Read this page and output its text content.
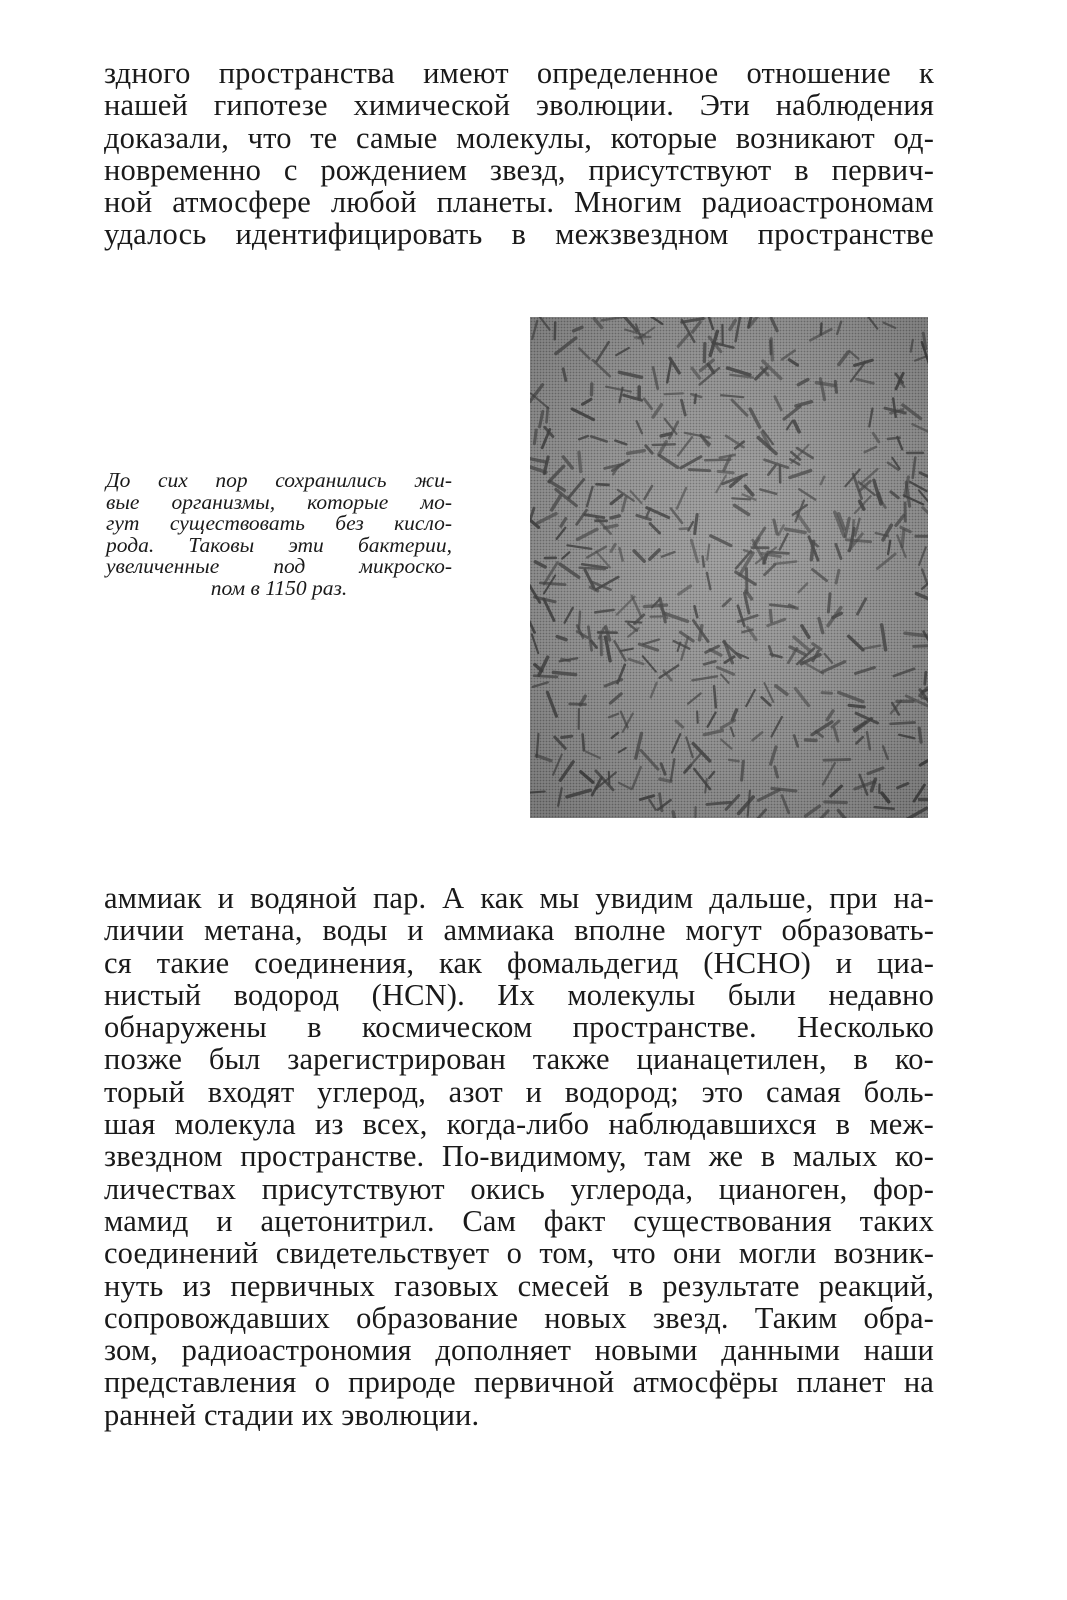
здного пространства имеют определенное отношение к
нашей гипотезе химической эволюции. Эти наблюдения
доказали, что те самые молекулы, которые возникают од-
новременно с рождением звезд, присутствуют в первич-
ной атмосфере любой планеты. Многим радиоастрономам
удалось идентифицировать в межзвездном пространстве
До сих пор сохранились жи-
вые организмы, которые мо-
гут существовать без кисло-
рода. Таковы эти бактерии,
увеличенные под микроско-
пом в 1150 раз.
аммиак и водяной пар. А как мы увидим дальше, при на-
личии метана, воды и аммиака вполне могут образовать-
ся такие соединения, как фомальдегид (HCHO) и циа-
нистый водород (HCN). Их молекулы были недавно
обнаружены в космическом пространстве. Несколько
позже был зарегистрирован также цианацетилен, в ко-
торый входят углерод, азот и водород; это самая боль-
шая молекула из всех, когда-либо наблюдавшихся в меж-
звездном пространстве. По-видимому, там же в малых ко-
личествах присутствуют окись углерода, цианоген, фор-
мамид и ацетонитрил. Сам факт существования таких
соединений свидетельствует о том, что они могли возник-
нуть из первичных газовых смесей в результате реакций,
сопровождавших образование новых звезд. Таким обра-
зом, радиоастрономия дополняет новыми данными наши
представления о природе первичной атмосфёры планет на
ранней стадии их эволюции.
